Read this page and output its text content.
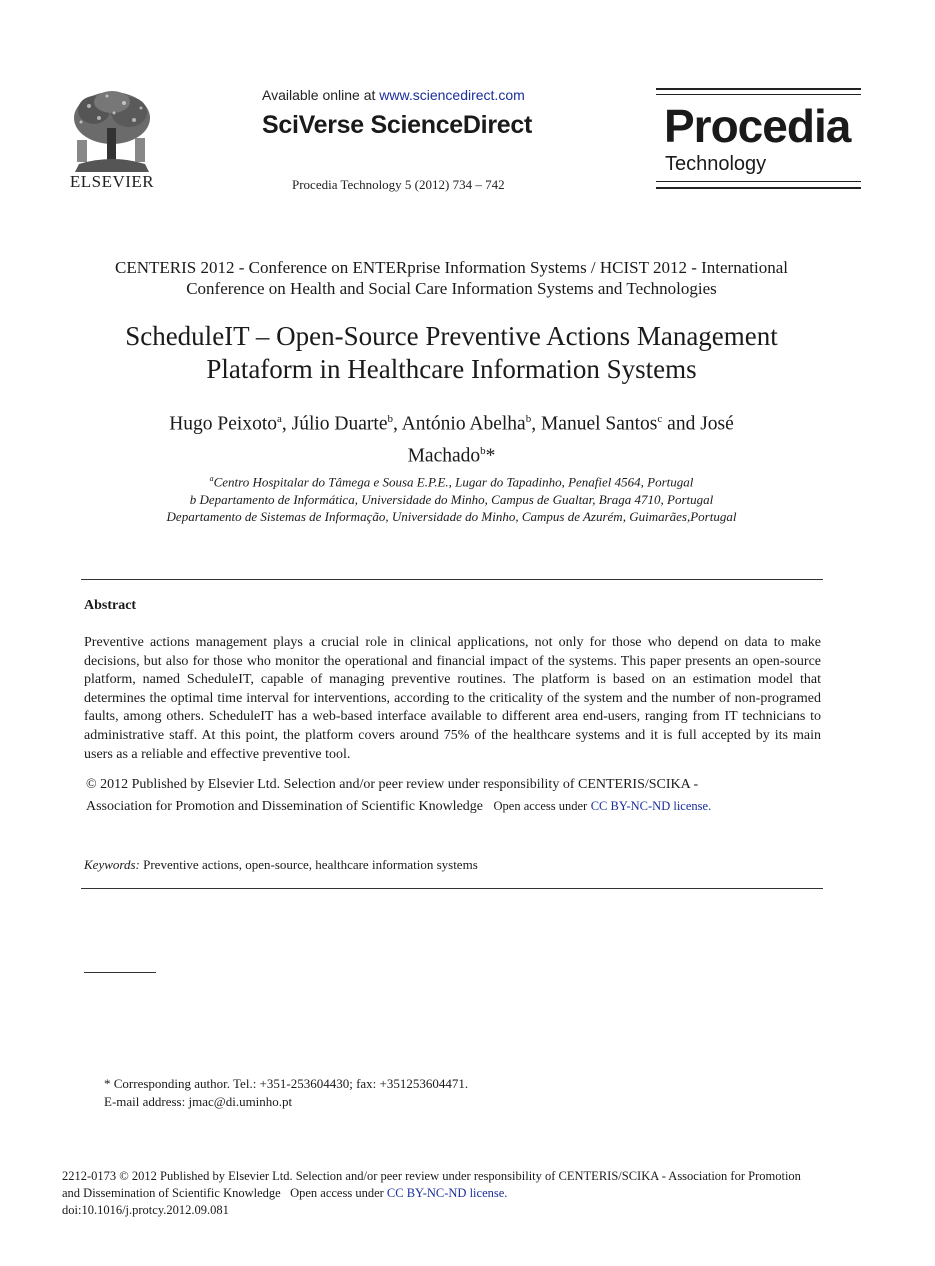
ELSEVIER
Available online at www.sciencedirect.com
SciVerse ScienceDirect
Procedia Technology 5 (2012) 734 – 742
Procedia
Technology
CENTERIS 2012 - Conference on ENTERprise Information Systems / HCIST 2012 - International
Conference on Health and Social Care Information Systems and Technologies
ScheduleIT – Open-Source Preventive Actions Management
Plataform in Healthcare Information Systems
Hugo Peixoto$^a$, Júlio Duarte$^b$, António Abelha$^b$, Manuel Santos$^c$ and José
Machado$^b$*
$^a$Centro Hospitalar do Tâmega e Sousa E.P.E., Lugar do Tapadinho, Penafiel 4564, Portugal
b Departamento de Informática, Universidade do Minho, Campus de Gualtar, Braga 4710, Portugal
Departamento de Sistemas de Informação, Universidade do Minho, Campus de Azurém, Guimarães,Portugal
Abstract
Preventive actions management plays a crucial role in clinical applications, not only for those who depend on data to make decisions, but also for those who monitor the operational and financial impact of the systems. This paper presents an open-source platform, named ScheduleIT, capable of managing preventive routines. The platform is based on an estimation model that determines the optimal time interval for interventions, according to the criticality of the system and the number of non-programed faults, among others. ScheduleIT has a web-based interface available to different area end-users, ranging from IT technicians to administrative staff. At this point, the platform covers around 75% of the healthcare systems and it is full accepted by its main users as a reliable and effective preventive tool.
© 2012 Published by Elsevier Ltd. Selection and/or peer review under responsibility of CENTERIS/SCIKA -
Association for Promotion and Dissemination of Scientific Knowledge Open access under CC BY-NC-ND license.
Keywords: Preventive actions, open-source, healthcare information systems
* Corresponding author. Tel.: +351-253604430; fax: +351253604471.
E-mail address: jmac@di.uminho.pt
2212-0173 © 2012 Published by Elsevier Ltd. Selection and/or peer review under responsibility of CENTERIS/SCIKA - Association for Promotion
and Dissemination of Scientific Knowledge Open access under CC BY-NC-ND license.
doi:10.1016/j.protcy.2012.09.081
